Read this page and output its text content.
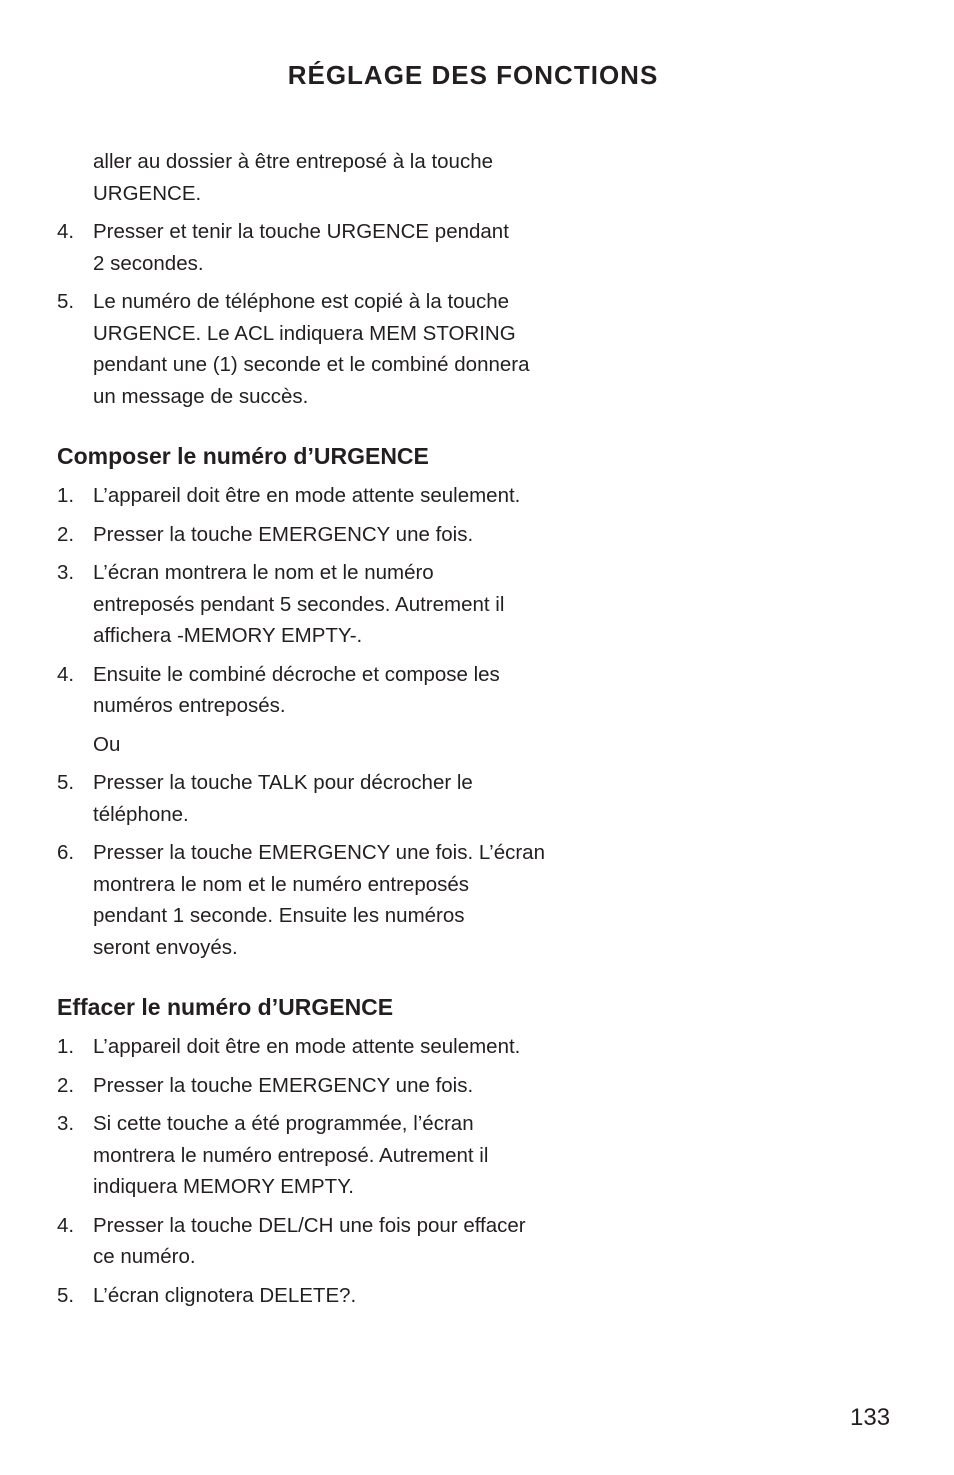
RÉGLAGE DES FONCTIONS
aller au dossier à être entreposé à la touche
URGENCE.
4. Presser et tenir la touche URGENCE pendant
2 secondes.
5. Le numéro de téléphone est copié à la touche
URGENCE. Le ACL indiquera MEM STORING
pendant une (1) seconde et le combiné donnera
un message de succès.
Composer le numéro d’URGENCE
1. L’appareil doit être en mode attente seulement.
2. Presser la touche EMERGENCY une fois.
3. L’écran montrera le nom et le numéro
entreposés pendant 5 secondes. Autrement il
affichera -MEMORY EMPTY-.
4. Ensuite le combiné décroche et compose les
numéros entreposés.
Ou
5. Presser la touche TALK pour décrocher le
téléphone.
6. Presser la touche EMERGENCY une fois. L’écran
montrera le nom et le numéro entreposés
pendant 1 seconde. Ensuite les numéros
seront envoyés.
Effacer le numéro d’URGENCE
1. L’appareil doit être en mode attente seulement.
2. Presser la touche EMERGENCY une fois.
3. Si cette touche a été programmée, l’écran
montrera le numéro entreposé. Autrement il
indiquera MEMORY EMPTY.
4. Presser la touche DEL/CH une fois pour effacer
ce numéro.
5. L’écran clignotera DELETE?.
133
